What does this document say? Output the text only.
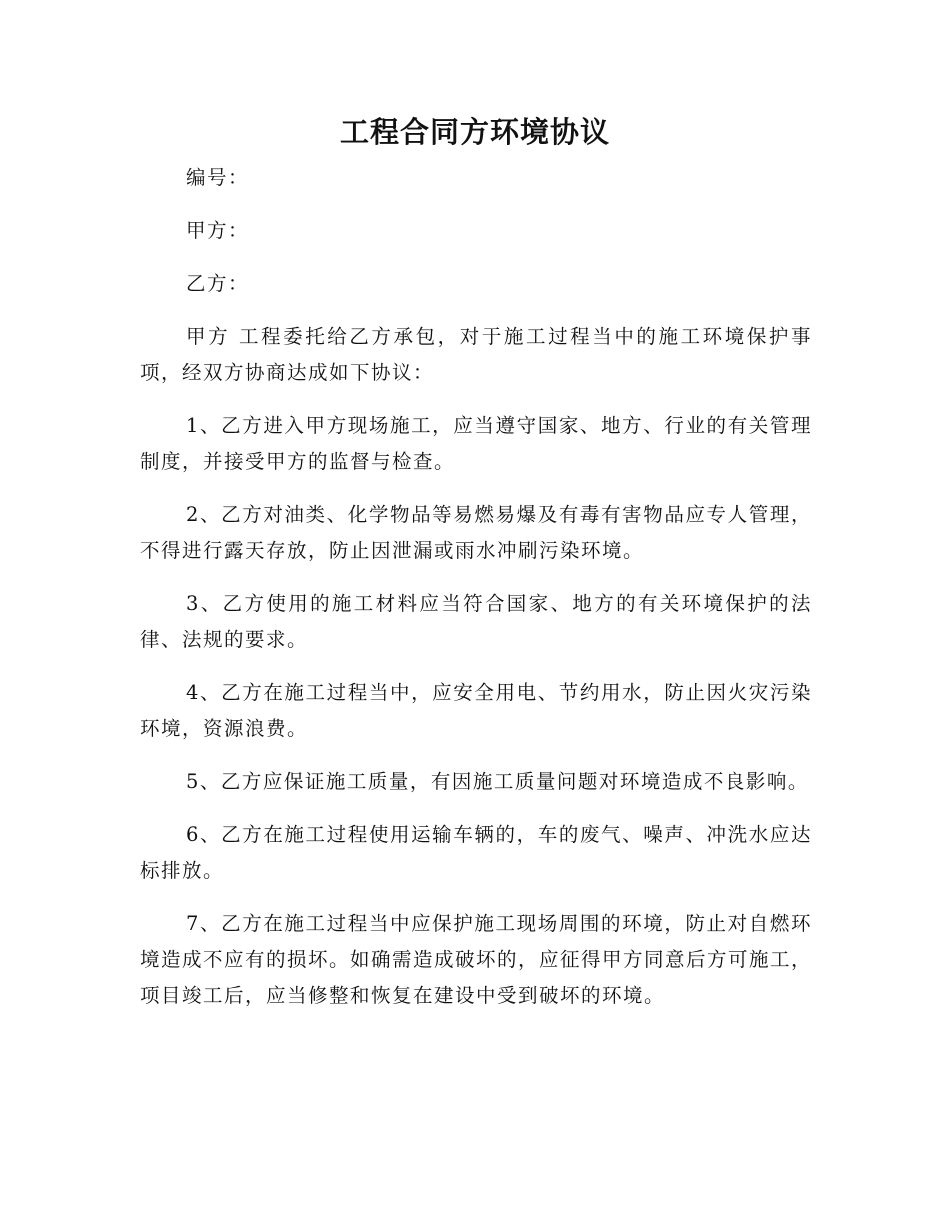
工程合同方环境协议

编号：

甲方：

乙方：

甲方 工程委托给乙方承包，对于施工过程当中的施工环境保护事项，经双方协商达成如下协议：

1、乙方进入甲方现场施工，应当遵守国家、地方、行业的有关管理制度，并接受甲方的监督与检查。

2、乙方对油类、化学物品等易燃易爆及有毒有害物品应专人管理，不得进行露天存放，防止因泄漏或雨水冲刷污染环境。

3、乙方使用的施工材料应当符合国家、地方的有关环境保护的法律、法规的要求。

4、乙方在施工过程当中，应安全用电、节约用水，防止因火灾污染环境，资源浪费。

5、乙方应保证施工质量，有因施工质量问题对环境造成不良影响。

6、乙方在施工过程使用运输车辆的，车的废气、噪声、冲洗水应达标排放。

7、乙方在施工过程当中应保护施工现场周围的环境，防止对自燃环境造成不应有的损坏。如确需造成破坏的，应征得甲方同意后方可施工，项目竣工后，应当修整和恢复在建设中受到破坏的环境。
